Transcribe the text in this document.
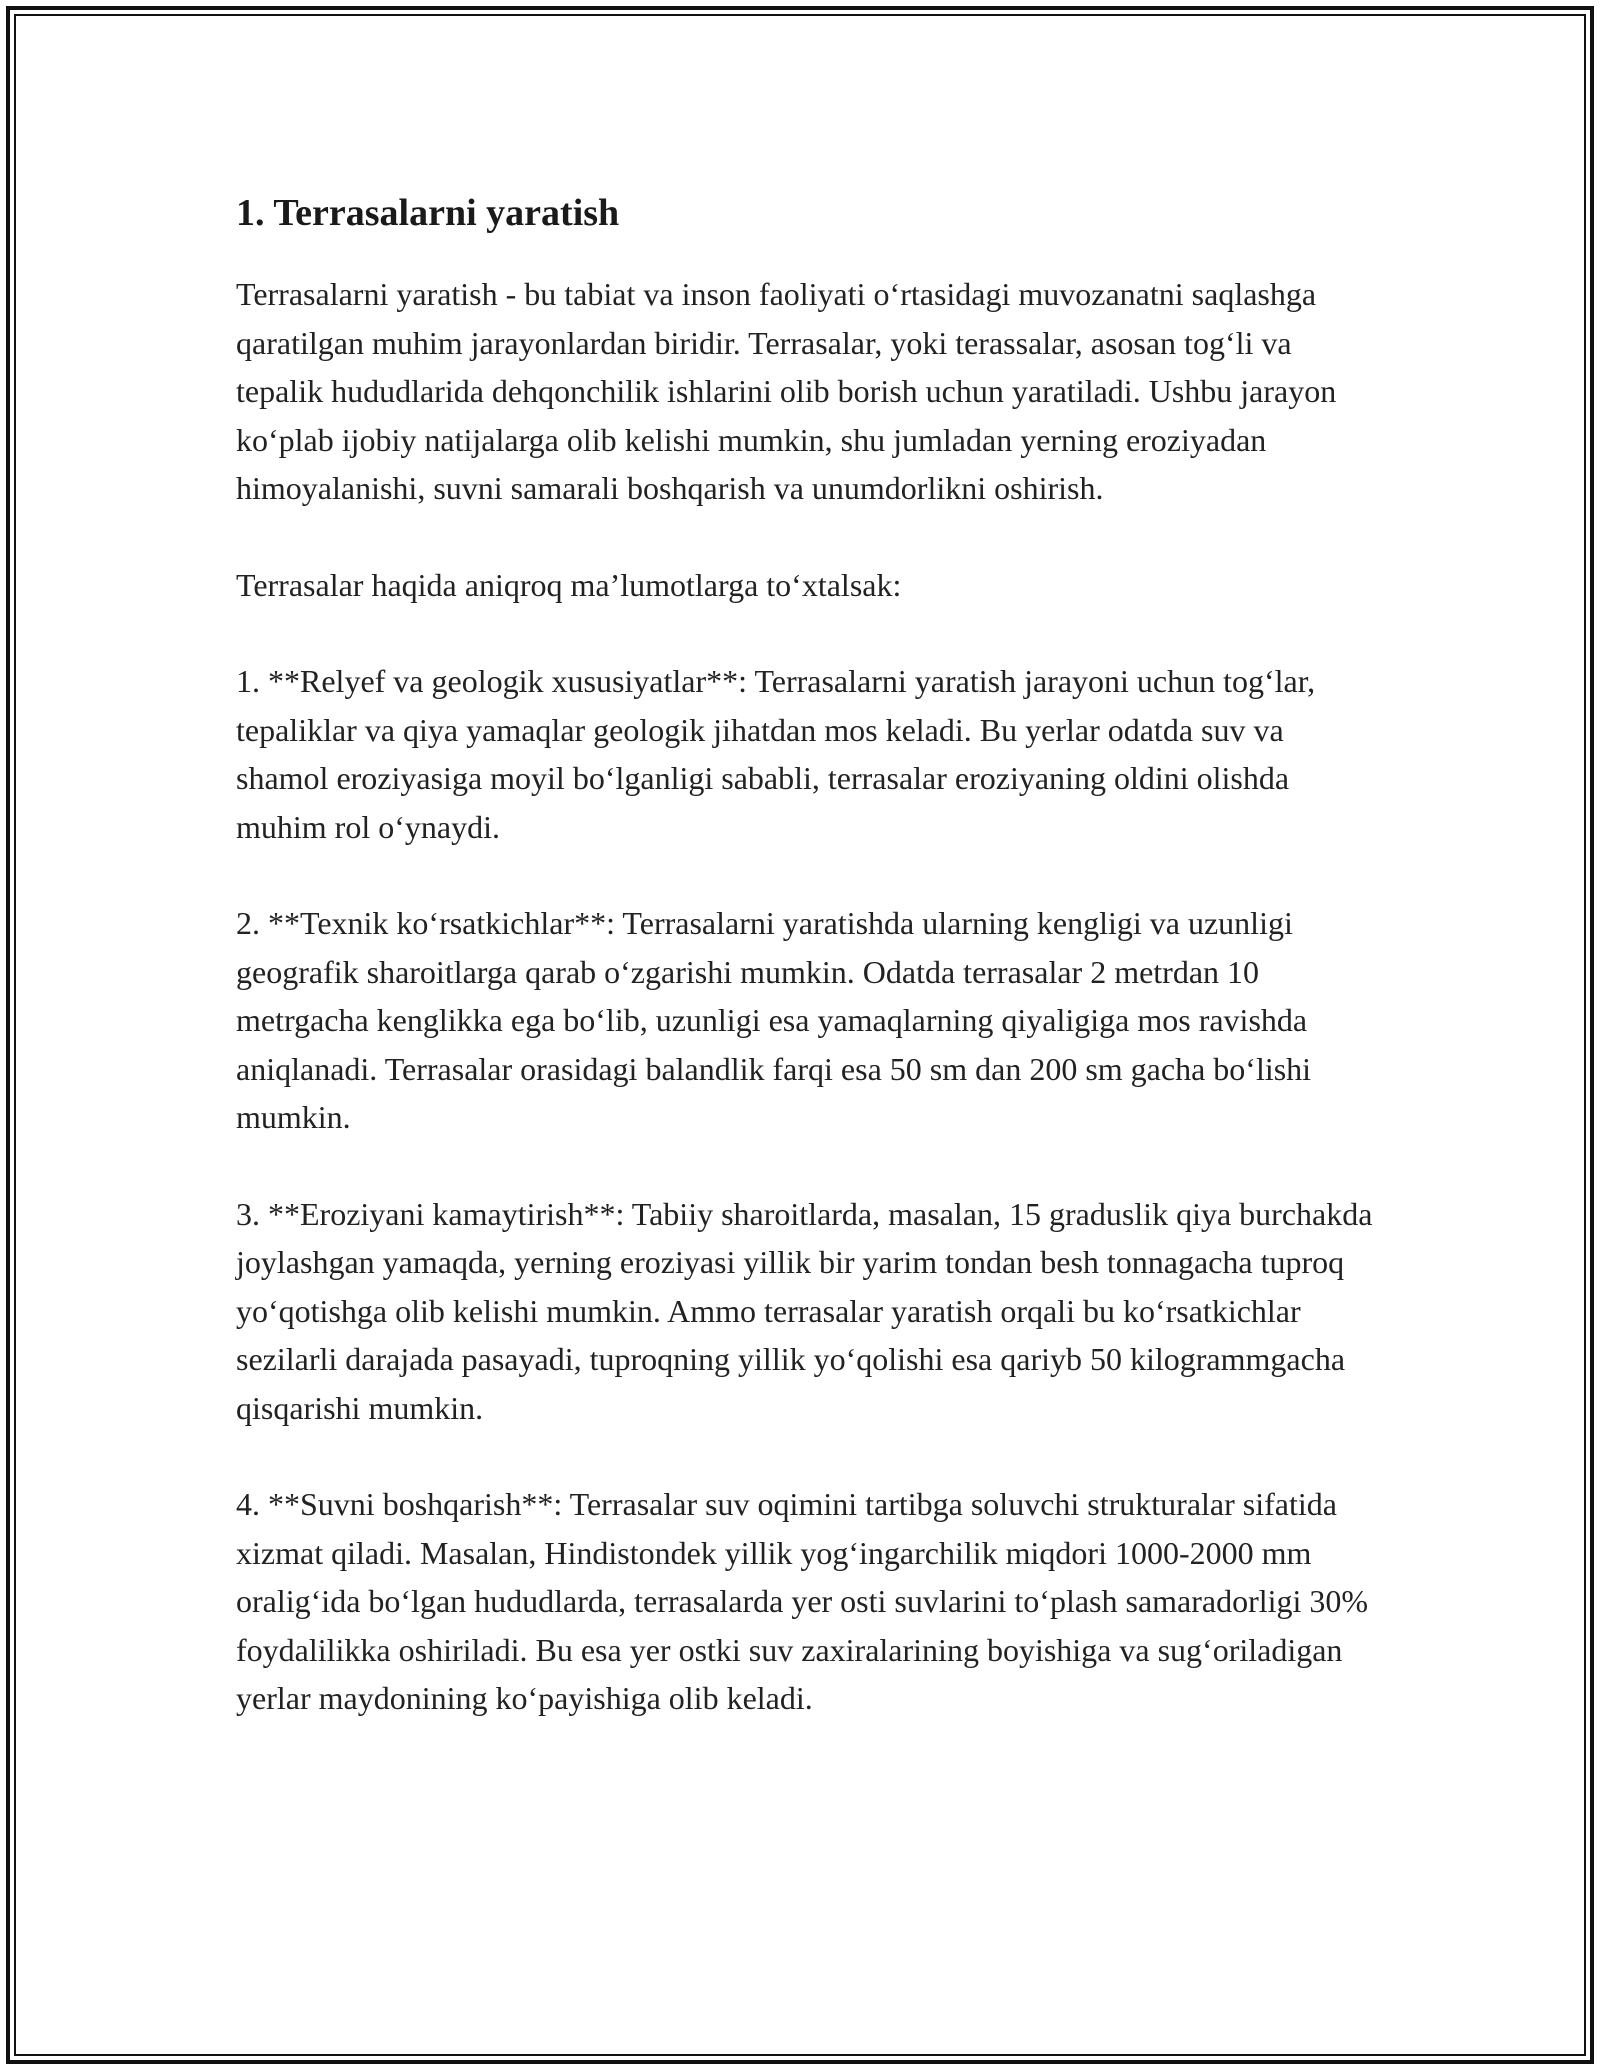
1. Terrasalarni yaratish

Terrasalarni yaratish - bu tabiat va inson faoliyati o‘rtasidagi muvozanatni saqlashga qaratilgan muhim jarayonlardan biridir. Terrasalar, yoki terassalar, asosan tog‘li va tepalik hududlarida dehqonchilik ishlarini olib borish uchun yaratiladi. Ushbu jarayon ko‘plab ijobiy natijalarga olib kelishi mumkin, shu jumladan yerning eroziyadan himoyalanishi, suvni samarali boshqarish va unumdorlikni oshirish.

Terrasalar haqida aniqroq ma’lumotlarga to‘xtalsak:

1. **Relyef va geologik xususiyatlar**: Terrasalarni yaratish jarayoni uchun tog‘lar, tepaliklar va qiya yamaqlar geologik jihatdan mos keladi. Bu yerlar odatda suv va shamol eroziyasiga moyil bo‘lganligi sababli, terrasalar eroziyaning oldini olishda muhim rol o‘ynaydi.

2. **Texnik ko‘rsatkichlar**: Terrasalarni yaratishda ularning kengligi va uzunligi geografik sharoitlarga qarab o‘zgarishi mumkin. Odatda terrasalar 2 metrdan 10 metrgacha kenglikka ega bo‘lib, uzunligi esa yamaqlarning qiyaligiga mos ravishda aniqlanadi. Terrasalar orasidagi balandlik farqi esa 50 sm dan 200 sm gacha bo‘lishi mumkin.

3. **Eroziyani kamaytirish**: Tabiiy sharoitlarda, masalan, 15 graduslik qiya burchakda joylashgan yamaqda, yerning eroziyasi yillik bir yarim tondan besh tonnagacha tuproq yo‘qotishga olib kelishi mumkin. Ammo terrasalar yaratish orqali bu ko‘rsatkichlar sezilarli darajada pasayadi, tuproqning yillik yo‘qolishi esa qariyb 50 kilogrammgacha qisqarishi mumkin.

4. **Suvni boshqarish**: Terrasalar suv oqimini tartibga soluvchi strukturalar sifatida xizmat qiladi. Masalan, Hindistondek yillik yog‘ingarchilik miqdori 1000-2000 mm oralig‘ida bo‘lgan hududlarda, terrasalarda yer osti suvlarini to‘plash samaradorligi 30% foydalilikka oshiriladi. Bu esa yer ostki suv zaxiralarining boyishiga va sug‘oriladigan yerlar maydonining ko‘payishiga olib keladi.
